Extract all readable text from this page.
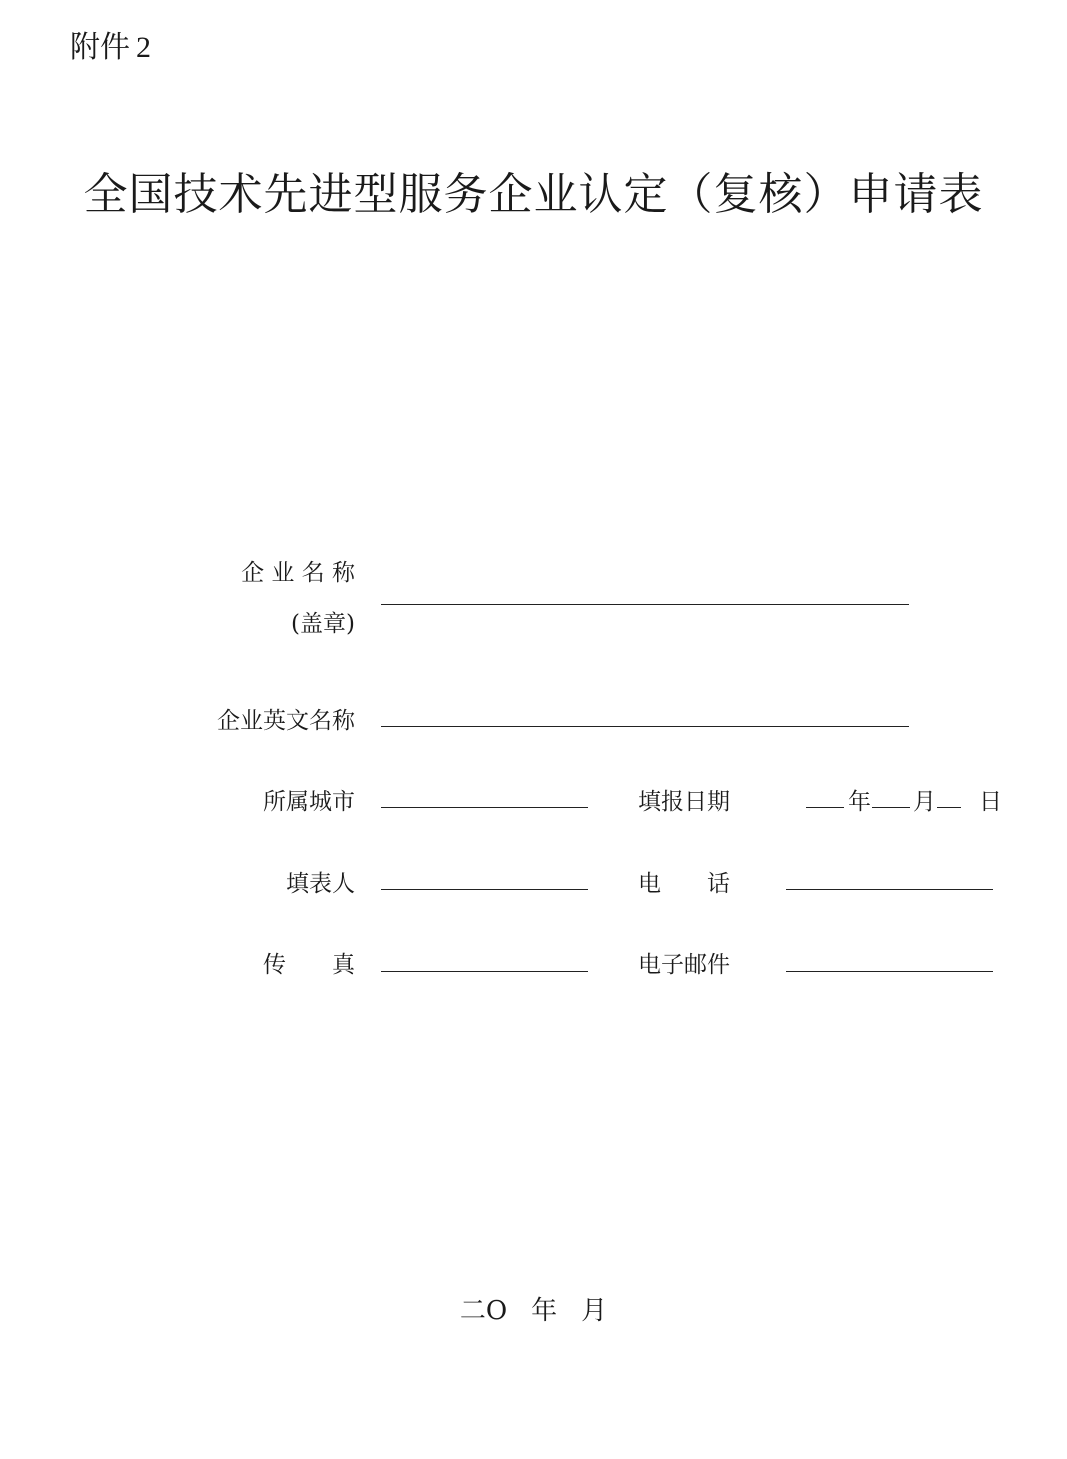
附件 2
全国技术先进型服务企业认定（复核）申请表
企 业 名 称
(盖章)
企业英文名称
所属城市	填报日期	年 月 日
填表人	电　　话
传　　真	电子邮件
二O 年 月
